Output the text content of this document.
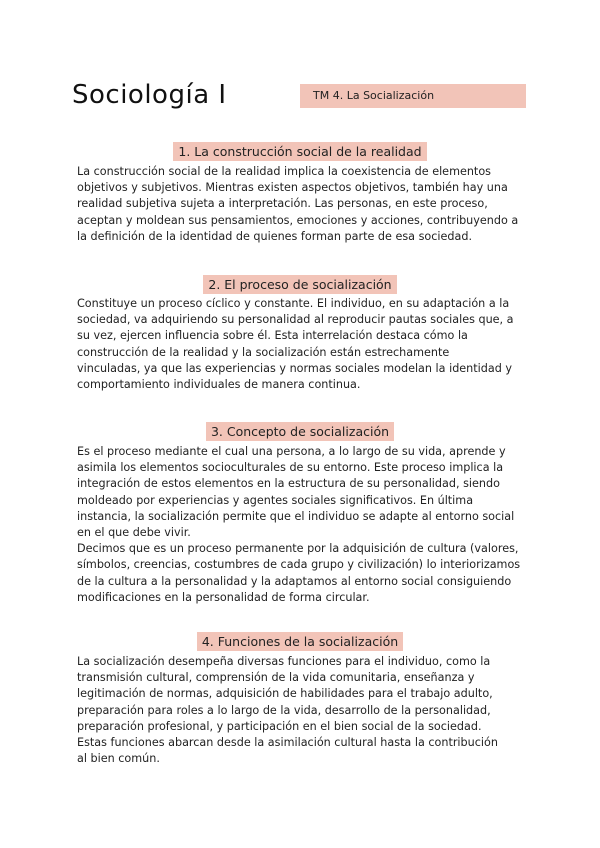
Sociología I	TM 4. La Socialización
1. La construcción social de la realidad

La construcción social de la realidad implica la coexistencia de elementos
objetivos y subjetivos. Mientras existen aspectos objetivos, también hay una
realidad subjetiva sujeta a interpretación. Las personas, en este proceso,
aceptan y moldean sus pensamientos, emociones y acciones, contribuyendo a
la definición de la identidad de quienes forman parte de esa sociedad.

2. El proceso de socialización

Constituye un proceso cíclico y constante. El individuo, en su adaptación a la
sociedad, va adquiriendo su personalidad al reproducir pautas sociales que, a
su vez, ejercen influencia sobre él. Esta interrelación destaca cómo la
construcción de la realidad y la socialización están estrechamente
vinculadas, ya que las experiencias y normas sociales modelan la identidad y
comportamiento individuales de manera continua.

3. Concepto de socialización

Es el proceso mediante el cual una persona, a lo largo de su vida, aprende y
asimila los elementos socioculturales de su entorno. Este proceso implica la
integración de estos elementos en la estructura de su personalidad, siendo
moldeado por experiencias y agentes sociales significativos. En última
instancia, la socialización permite que el individuo se adapte al entorno social
en el que debe vivir.
Decimos que es un proceso permanente por la adquisición de cultura (valores,
símbolos, creencias, costumbres de cada grupo y civilización) lo interiorizamos
de la cultura a la personalidad y la adaptamos al entorno social consiguiendo
modificaciones en la personalidad de forma circular.

4. Funciones de la socialización

La socialización desempeña diversas funciones para el individuo, como la
transmisión cultural, comprensión de la vida comunitaria, enseñanza y
legitimación de normas, adquisición de habilidades para el trabajo adulto,
preparación para roles a lo largo de la vida, desarrollo de la personalidad,
preparación profesional, y participación en el bien social de la sociedad.
Estas funciones abarcan desde la asimilación cultural hasta la contribución
al bien común.
